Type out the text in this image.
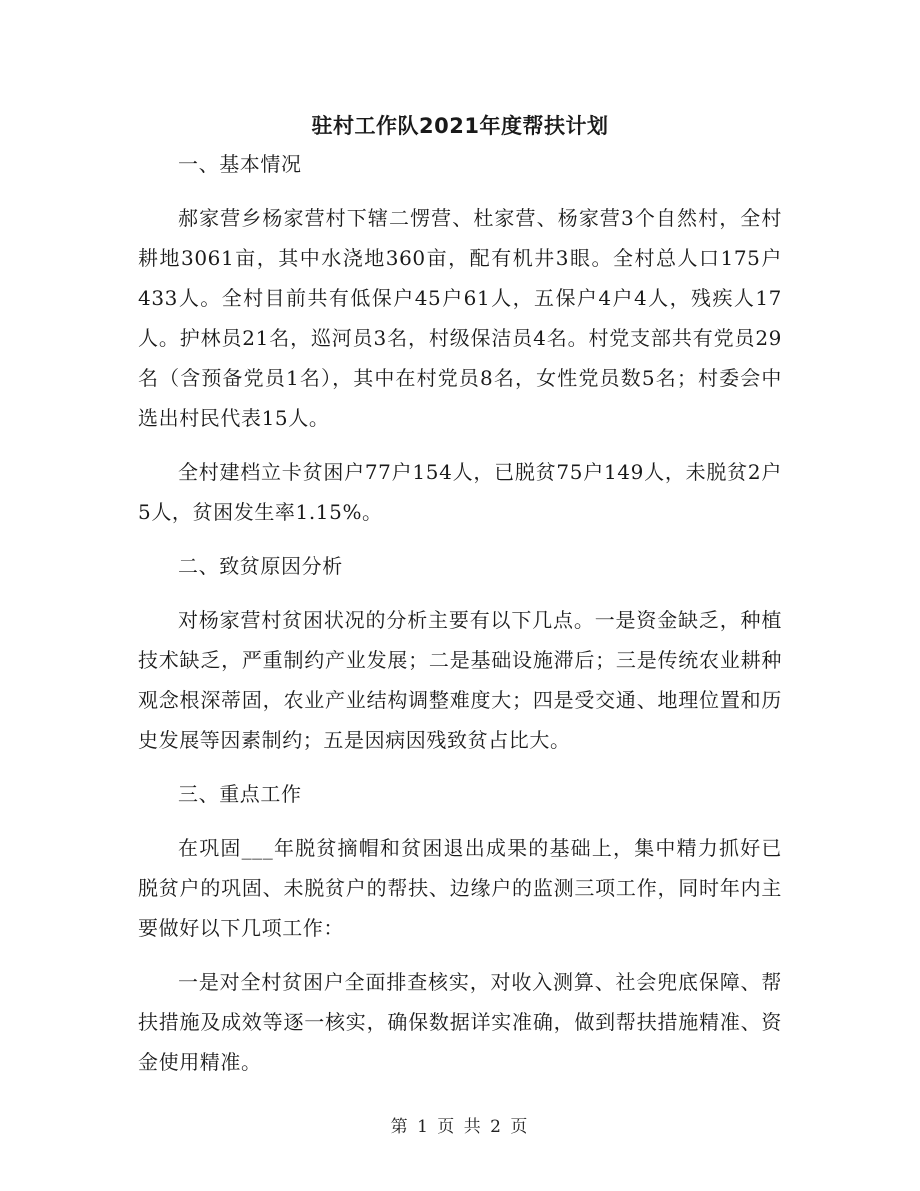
驻村工作队2021年度帮扶计划

一、基本情况

郝家营乡杨家营村下辖二愣营、杜家营、杨家营3个自然村，全村耕地3061亩，其中水浇地360亩，配有机井3眼。全村总人口175户433人。全村目前共有低保户45户61人，五保户4户4人，残疾人17人。护林员21名，巡河员3名，村级保洁员4名。村党支部共有党员29名（含预备党员1名），其中在村党员8名，女性党员数5名；村委会中选出村民代表15人。

全村建档立卡贫困户77户154人，已脱贫75户149人，未脱贫2户5人，贫困发生率1.15%。

二、致贫原因分析

对杨家营村贫困状况的分析主要有以下几点。一是资金缺乏，种植技术缺乏，严重制约产业发展；二是基础设施滞后；三是传统农业耕种观念根深蒂固，农业产业结构调整难度大；四是受交通、地理位置和历史发展等因素制约；五是因病因残致贫占比大。

三、重点工作

在巩固___年脱贫摘帽和贫困退出成果的基础上，集中精力抓好已脱贫户的巩固、未脱贫户的帮扶、边缘户的监测三项工作，同时年内主要做好以下几项工作：

一是对全村贫困户全面排查核实，对收入测算、社会兜底保障、帮扶措施及成效等逐一核实，确保数据详实准确，做到帮扶措施精准、资金使用精准。

第 1 页 共 2 页
